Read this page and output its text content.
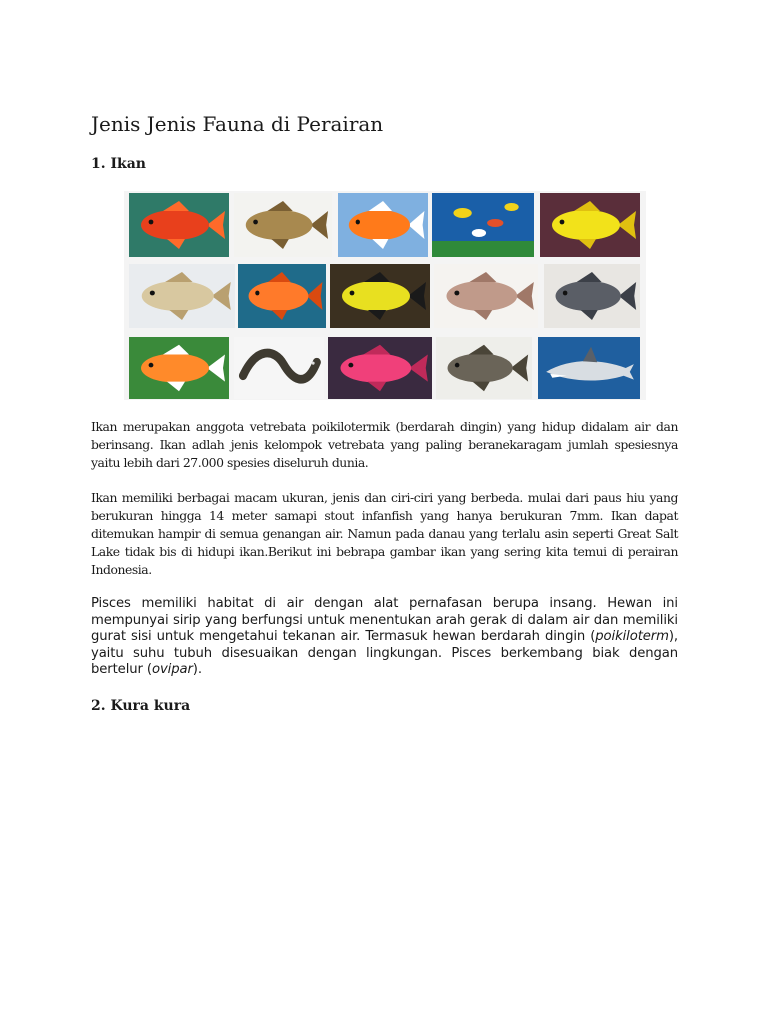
Jenis Jenis Fauna di Perairan
1. Ikan

Ikan merupakan anggota vetrebata poikilotermik (berdarah dingin) yang hidup didalam air dan berinsang. Ikan adlah jenis kelompok vetrebata yang paling beranekaragam jumlah spesiesnya yaitu lebih dari 27.000 spesies diseluruh dunia.

Ikan memiliki berbagai macam ukuran, jenis dan ciri-ciri yang berbeda. mulai dari paus hiu yang berukuran hingga 14 meter samapi stout infanfish yang hanya berukuran 7mm. Ikan dapat ditemukan hampir di semua genangan air. Namun pada danau yang terlalu asin seperti Great Salt Lake tidak bis di hidupi ikan.Berikut ini bebrapa gambar ikan yang sering kita temui di perairan Indonesia.

Pisces memiliki habitat di air dengan alat pernafasan berupa insang. Hewan ini mempunyai sirip yang berfungsi untuk menentukan arah gerak di dalam air dan memiliki gurat sisi untuk mengetahui tekanan air. Termasuk hewan berdarah dingin (poikiloterm), yaitu suhu tubuh disesuaikan dengan lingkungan. Pisces berkembang biak dengan bertelur (ovipar).

2. Kura kura
